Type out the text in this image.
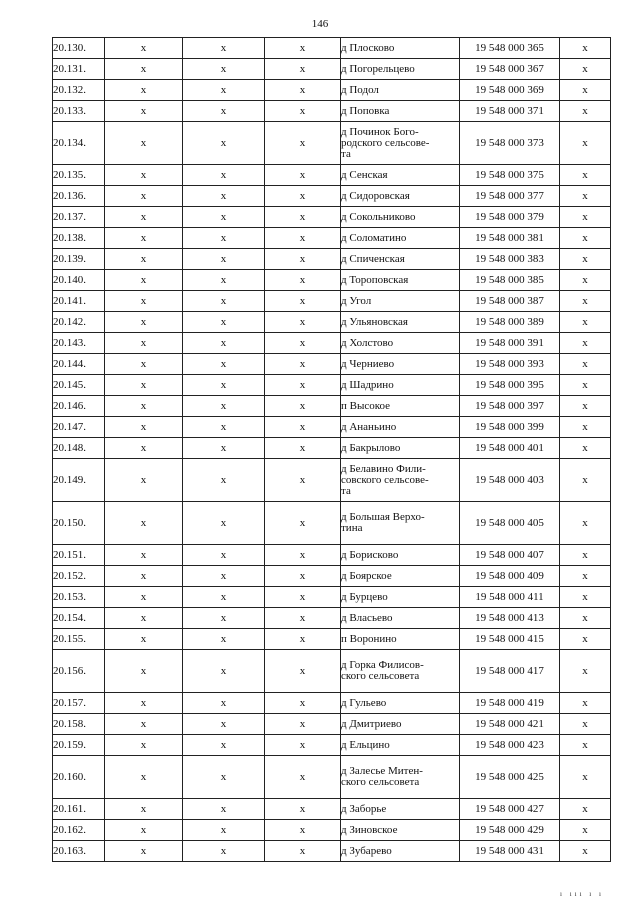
146
20.130.	x	x	x	д Плосково	19 548 000 365	x
20.131.	x	x	x	д Погорельцево	19 548 000 367	x
20.132.	x	x	x	д Подол	19 548 000 369	x
20.133.	x	x	x	д Поповка	19 548 000 371	x
20.134.	x	x	x	д Починок Бого-
родского сельсове-
та	19 548 000 373	x
20.135.	x	x	x	д Сенская	19 548 000 375	x
20.136.	x	x	x	д Сидоровская	19 548 000 377	x
20.137.	x	x	x	д Сокольниково	19 548 000 379	x
20.138.	x	x	x	д Соломатино	19 548 000 381	x
20.139.	x	x	x	д Спиченская	19 548 000 383	x
20.140.	x	x	x	д Тороповская	19 548 000 385	x
20.141.	x	x	x	д Угол	19 548 000 387	x
20.142.	x	x	x	д Ульяновская	19 548 000 389	x
20.143.	x	x	x	д Холстово	19 548 000 391	x
20.144.	x	x	x	д Черниево	19 548 000 393	x
20.145.	x	x	x	д Шадрино	19 548 000 395	x
20.146.	x	x	x	п Высокое	19 548 000 397	x
20.147.	x	x	x	д Ананьино	19 548 000 399	x
20.148.	x	x	x	д Бакрылово	19 548 000 401	x
20.149.	x	x	x	д Белавино Фили-
совского сельсове-
та	19 548 000 403	x
20.150.	x	x	x	д Большая Верхо-
тина	19 548 000 405	x
20.151.	x	x	x	д Борисково	19 548 000 407	x
20.152.	x	x	x	д Боярское	19 548 000 409	x
20.153.	x	x	x	д Бурцево	19 548 000 411	x
20.154.	x	x	x	д Власьево	19 548 000 413	x
20.155.	x	x	x	п Воронино	19 548 000 415	x
20.156.	x	x	x	д Горка Филисов-
ского сельсовета	19 548 000 417	x
20.157.	x	x	x	д Гульево	19 548 000 419	x
20.158.	x	x	x	д Дмитриево	19 548 000 421	x
20.159.	x	x	x	д Ельцино	19 548 000 423	x
20.160.	x	x	x	д Залесье Митен-
ского сельсовета	19 548 000 425	x
20.161.	x	x	x	д Заборье	19 548 000 427	x
20.162.	x	x	x	д Зиновское	19 548 000 429	x
20.163.	x	x	x	д Зубарево	19 548 000 431	x
ı ııı ı ı
